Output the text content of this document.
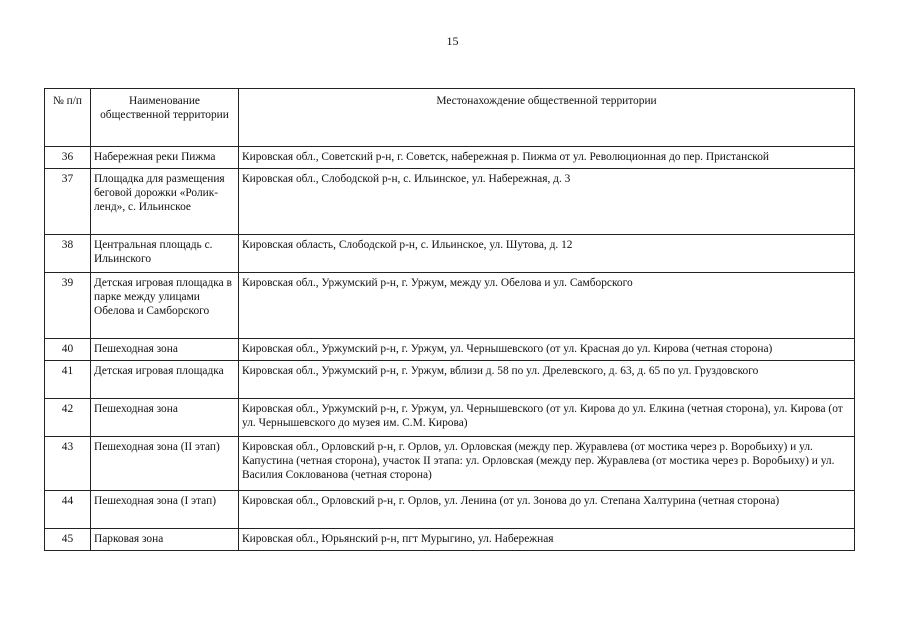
15
№ п/п	Наименование общественной территории	Местонахождение общественной территории
36	Набережная реки Пижма	Кировская обл., Советский р-н, г. Советск, набережная р. Пижма от ул. Революционная до пер. Пристанской
37	Площадка для размещения беговой дорожки «Ролик-ленд», с. Ильинское	Кировская обл., Слободской р-н, с. Ильинское, ул. Набережная, д. 3
38	Центральная площадь с. Ильинского	Кировская область, Слободской р-н, с. Ильинское, ул. Шутова, д. 12
39	Детская игровая площадка в парке между улицами Обелова и Самборского	Кировская обл., Уржумский р-н, г. Уржум, между ул. Обелова и ул. Самборского
40	Пешеходная зона	Кировская обл., Уржумский р-н, г. Уржум, ул. Чернышевского (от ул. Красная до ул. Кирова (четная сторона)
41	Детская игровая площадка	Кировская обл., Уржумский р-н, г. Уржум, вблизи д. 58 по ул. Дрелевского, д. 63, д. 65 по ул. Груздовского
42	Пешеходная зона	Кировская обл., Уржумский р-н, г. Уржум, ул. Чернышевского (от ул. Кирова до ул. Елкина (четная сторона), ул. Кирова (от ул. Чернышевского до музея им. С.М. Кирова)
43	Пешеходная зона (II этап)	Кировская обл., Орловский р-н, г. Орлов, ул. Орловская (между пер. Журавлева (от мостика через р. Воробьиху) и ул. Капустина (четная сторона), участок II этапа: ул. Орловская (между пер. Журавлева (от мостика через р. Воробьиху) и ул. Василия Соклованова (четная сторона)
44	Пешеходная зона (I этап)	Кировская обл., Орловский р-н, г. Орлов, ул. Ленина (от ул. Зонова до ул. Степана Халтурина (четная сторона)
45	Парковая зона	Кировская обл., Юрьянский р-н, пгт Мурыгино, ул. Набережная
